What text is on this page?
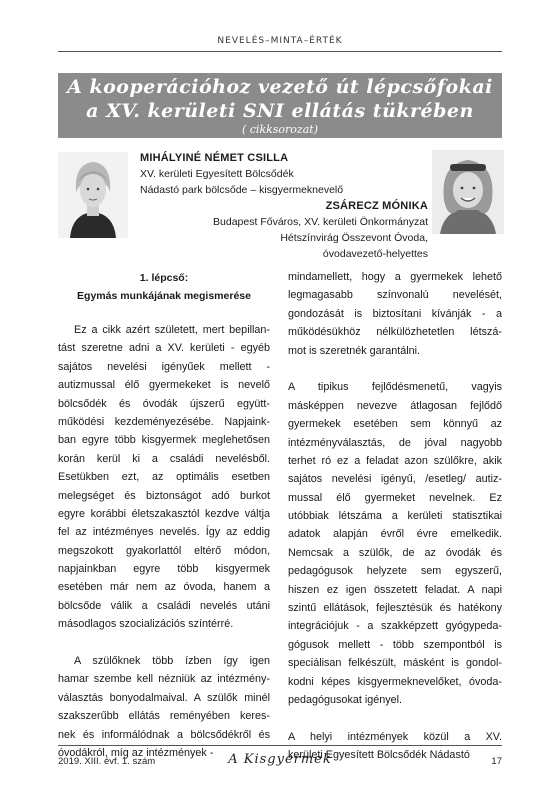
NEVELÉS–MINTA–ÉRTÉK
A kooperációhoz vezető út lépcsőfokai
a XV. kerületi SNI ellátás tükrében
( cikksorozat)
MIHÁLYINÉ NÉMET CSILLA
XV. kerületi Egyesített Bölcsődék
Nádastó park bölcsőde – kisgyermeknevelő
ZSÁRECZ MÓNIKA
Budapest Főváros, XV. kerületi Önkormányzat
Hétszínvirág Összevont Óvoda,
óvodavezető-helyettes
1. lépcső:
Egymás munkájának megismerése
Ez a cikk azért született, mert bepillan-
tást szeretne adni a XV. kerületi - egyéb
sajátos nevelési igényűek mellett -
autizmussal élő gyermekeket is nevelő
bölcsődék és óvodák újszerű együtt-
működési kezdeményezésébe. Napjaink-
ban egyre több kisgyermek meglehetősen
korán kerül ki a családi nevelésből.
Esetükben ezt, az optimális esetben
melegséget és biztonságot adó burkot
egyre korábbi életszakasztól kezdve váltja
fel az intézményes nevelés. Így az eddig
megszokott gyakorlattól eltérő módon,
napjainkban egyre több kisgyermek
esetében már nem az óvoda, hanem a
bölcsőde válik a családi nevelés utáni
másodlagos szocializációs színtérré.
A szülőknek több ízben így igen
hamar szembe kell nézniük az intézmény-
választás bonyodalmaival. A szülők minél
szakszerűbb ellátás reményében keres-
nek és informálódnak a bölcsődékről és
óvodákról, míg az intézmények -
mindamellett, hogy a gyermekek lehető
legmagasabb színvonalú nevelését,
gondozását is biztosítani kívánják - a
működésükhöz nélkülözhetetlen létszá-
mot is szeretnék garantálni.
A tipikus fejlődésmenetű, vagyis
másképpen nevezve átlagosan fejlődő
gyermekek esetében sem könnyű az
intézményválasztás, de jóval nagyobb
terhet ró ez a feladat azon szülőkre, akik
sajátos nevelési igényű, /esetleg/ autiz-
mussal élő gyermeket nevelnek. Ez
utóbbiak létszáma a kerületi statisztikai
adatok alapján évről évre emelkedik.
Nemcsak a szülők, de az óvodák és
pedagógusok helyzete sem egyszerű,
hiszen ez igen összetett feladat. A napi
szintű ellátások, fejlesztésük és hatékony
integrációjuk - a szakképzett gyógypeda-
gógusok mellett - több szempontból is
speciálisan felkészült, másként is gondol-
kodni képes kisgyermeknevelőket, óvoda-
pedagógusokat igényel.
A helyi intézmények közül a XV.
kerületi Egyesített Bölcsődék Nádastó
2019. XIII. évf. 1. szám	A Kisgyermek	17
